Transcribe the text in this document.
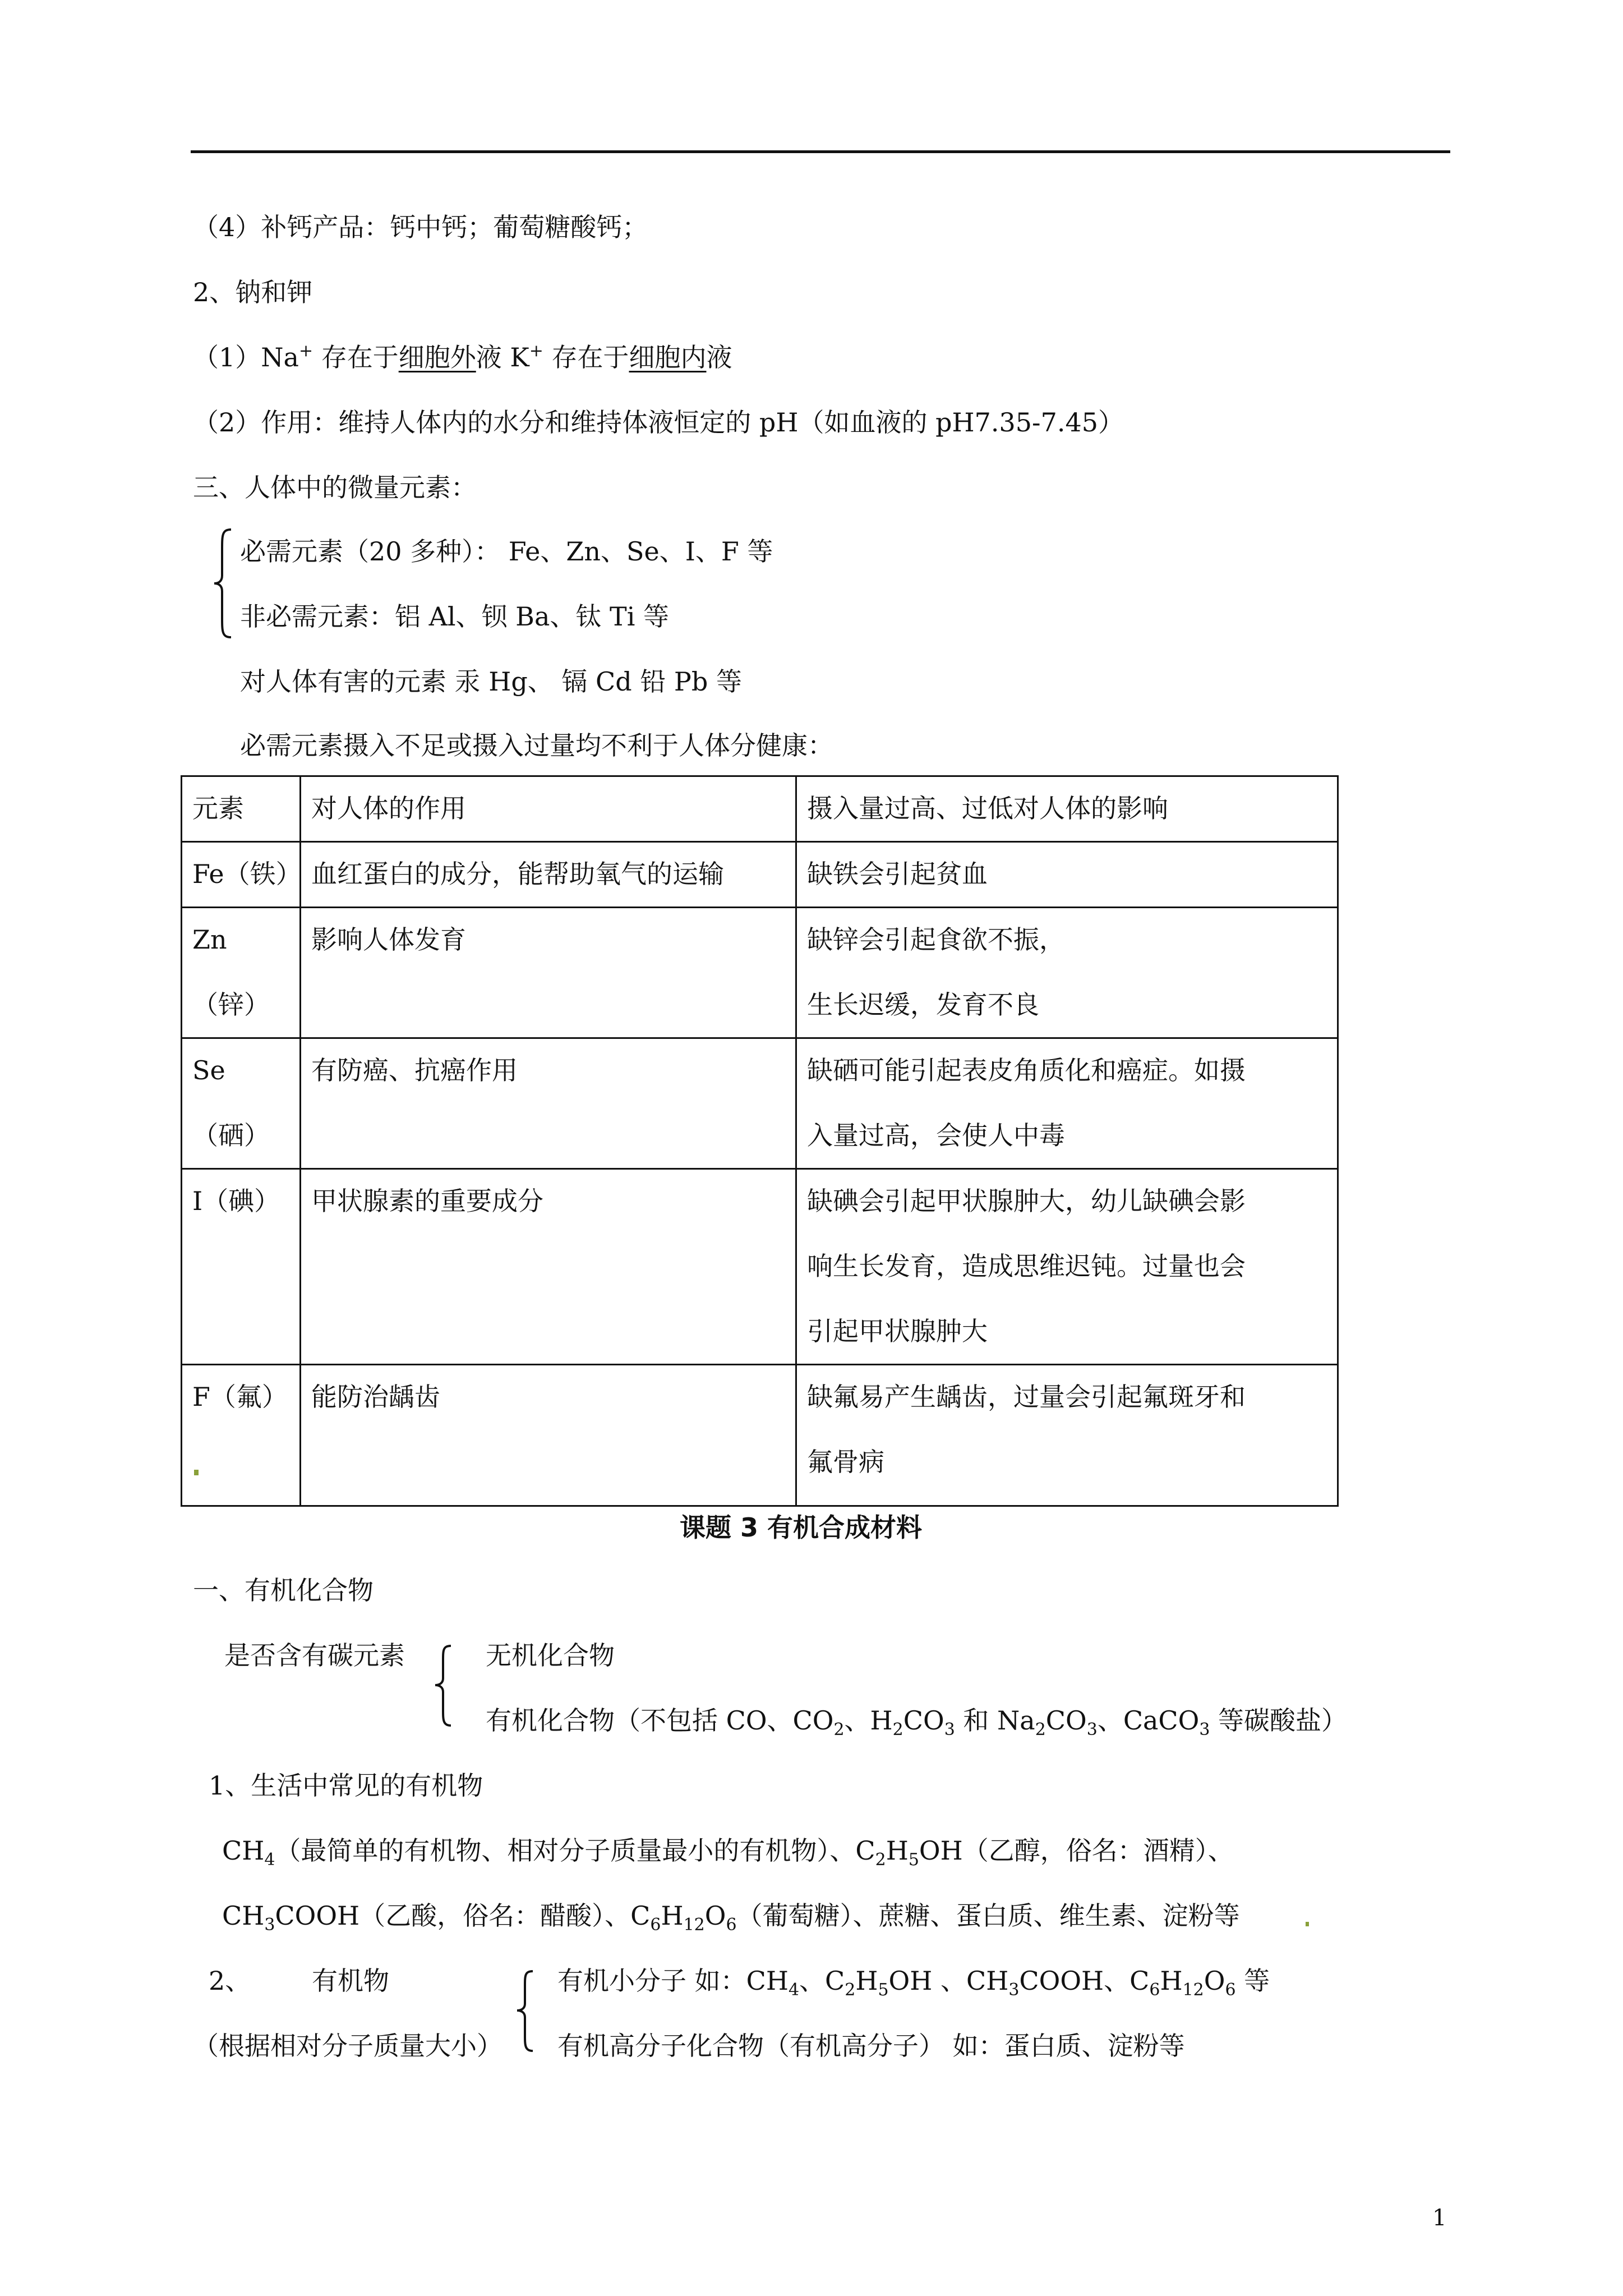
（4）补钙产品：钙中钙；葡萄糖酸钙；
2、钠和钾
（1）Na+ 存在于细胞外液 K+ 存在于细胞内液
（2）作用：维持人体内的水分和维持体液恒定的 pH（如血液的 pH7.35-7.45）
三、人体中的微量元素：
必需元素（20 多种）： Fe、Zn、Se、I、F 等
非必需元素：铝 Al、钡 Ba、钛 Ti 等
对人体有害的元素 汞 Hg、 镉 Cd 铅 Pb 等
必需元素摄入不足或摄入过量均不利于人体分健康：
元素	对人体的作用	摄入量过高、过低对人体的影响

Fe（铁）	血红蛋白的成分，能帮助氧气的运输	缺铁会引起贫血

Zn（锌）	影响人体发育	缺锌会引起食欲不振，
生长迟缓，发育不良

Se（硒）	有防癌、抗癌作用	缺硒可能引起表皮角质化和癌症。如摄
入量过高，会使人中毒

I（碘）	甲状腺素的重要成分	缺碘会引起甲状腺肿大，幼儿缺碘会影
响生长发育，造成思维迟钝。过量也会
引起甲状腺肿大

F（氟）	能防治龋齿	缺氟易产生龋齿，过量会引起氟斑牙和
氟骨病
课题 3 有机合成材料
一、有机化合物
是否含有碳元素	无机化合物
有机化合物（不包括 CO、$CO_2$、$H_2CO_3$ 和 $Na_2CO_3$、CaCO$_3$ 等碳酸盐）
1、生活中常见的有机物
$CH_4$（最简单的有机物、相对分子质量最小的有机物）、$C_2H_5OH$（乙醇，俗名：酒精）、
$CH_3COOH$（乙酸，俗名：醋酸）、$C_6H_{12}O_6$（葡萄糖）、蔗糖、蛋白质、维生素、淀粉等
2、 有机物
（根据相对分子质量大小）
有机小分子 如：$CH_4$、$C_2H_5OH$ 、$CH_3COOH$、$C_6H_{12}O_6$ 等
有机高分子化合物（有机高分子） 如：蛋白质、淀粉等
1
